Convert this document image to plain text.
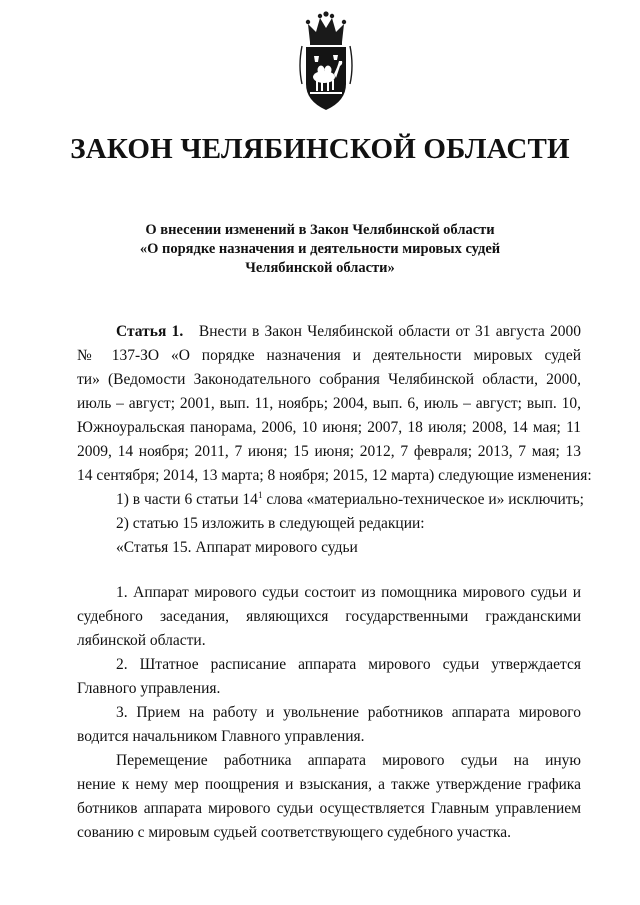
ЗАКОН ЧЕЛЯБИНСКОЙ ОБЛАСТИ
О внесении изменений в Закон Челябинской области
«О порядке назначения и деятельности мировых судей
Челябинской области»
Статья 1. Внести в Закон Челябинской области от 31 августа 2000
№ 137-ЗО «О порядке назначения и деятельности мировых судей
ти» (Ведомости Законодательного собрания Челябинской области, 2000,
июль – август; 2001, вып. 11, ноябрь; 2004, вып. 6, июль – август; вып. 10,
Южноуральская панорама, 2006, 10 июня; 2007, 18 июля; 2008, 14 мая; 11
2009, 14 ноября; 2011, 7 июня; 15 июня; 2012, 7 февраля; 2013, 7 мая; 13
14 сентября; 2014, 13 марта; 8 ноября; 2015, 12 марта) следующие изменения:
1) в части 6 статьи $14^1$ слова «материально-техническое и» исключить;
2) статью 15 изложить в следующей редакции:
«Статья 15. Аппарат мирового судьи
1. Аппарат мирового судьи состоит из помощника мирового судьи и
судебного заседания, являющихся государственными гражданскими
лябинской области.
2. Штатное расписание аппарата мирового судьи утверждается
Главного управления.
3. Прием на работу и увольнение работников аппарата мирового
водится начальником Главного управления.
Перемещение работника аппарата мирового судьи на иную
нение к нему мер поощрения и взыскания, а также утверждение графика
ботников аппарата мирового судьи осуществляется Главным управлением
сованию с мировым судьей соответствующего судебного участка.
